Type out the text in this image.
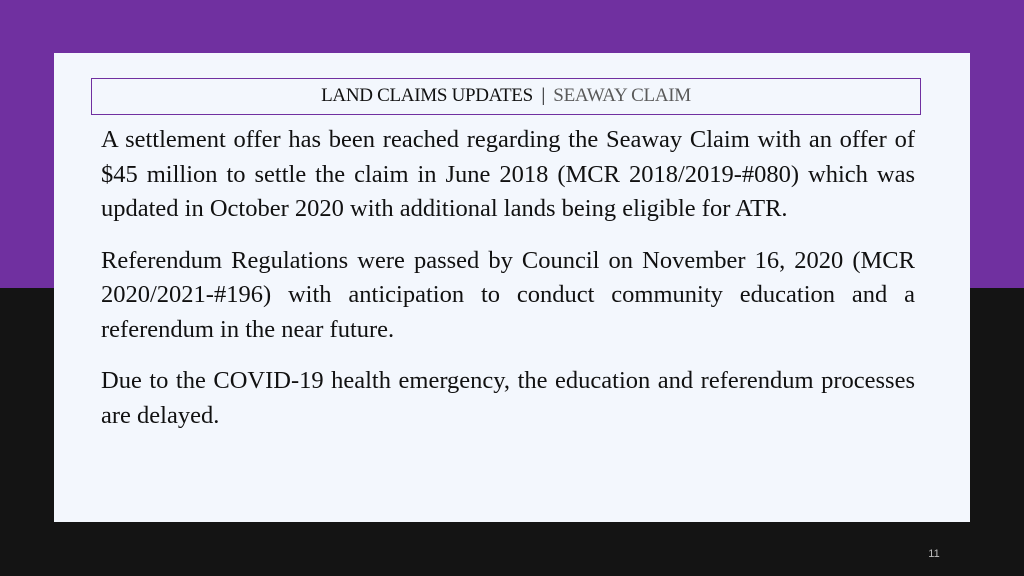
LAND CLAIMS UPDATES | SEAWAY CLAIM

A settlement offer has been reached regarding the Seaway Claim with an offer of $45 million to settle the claim in June 2018 (MCR 2018/2019-#080) which was updated in October 2020 with additional lands being eligible for ATR.

Referendum Regulations were passed by Council on November 16, 2020 (MCR 2020/2021-#196) with anticipation to conduct community education and a referendum in the near future.

Due to the COVID-19 health emergency, the education and referendum processes are delayed.

11
